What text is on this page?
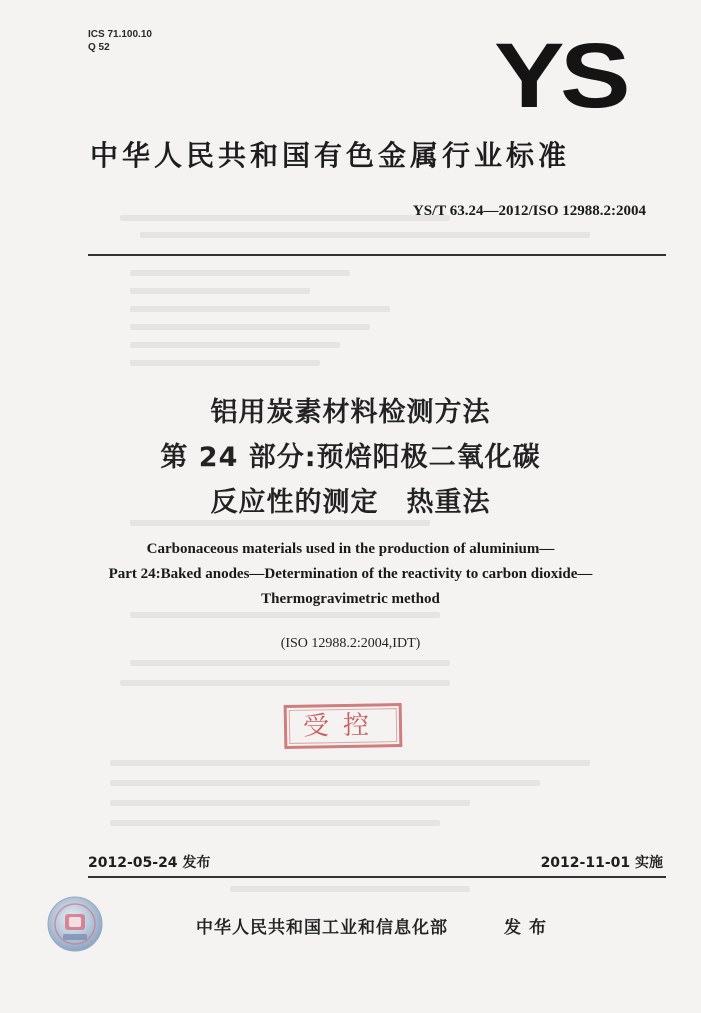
ICS 71.100.10
Q 52	YS
中华人民共和国有色金属行业标准
YS/T 63.24—2012/ISO 12988.2:2004
铝用炭素材料检测方法
第 24 部分:预焙阳极二氧化碳
反应性的测定　热重法
Carbonaceous materials used in the production of aluminium—
Part 24:Baked anodes—Determination of the reactivity to carbon dioxide—
Thermogravimetric method
(ISO 12988.2:2004,IDT)
受控
2012-05-24 发布	2012-11-01 实施
中华人民共和国工业和信息化部	发布
